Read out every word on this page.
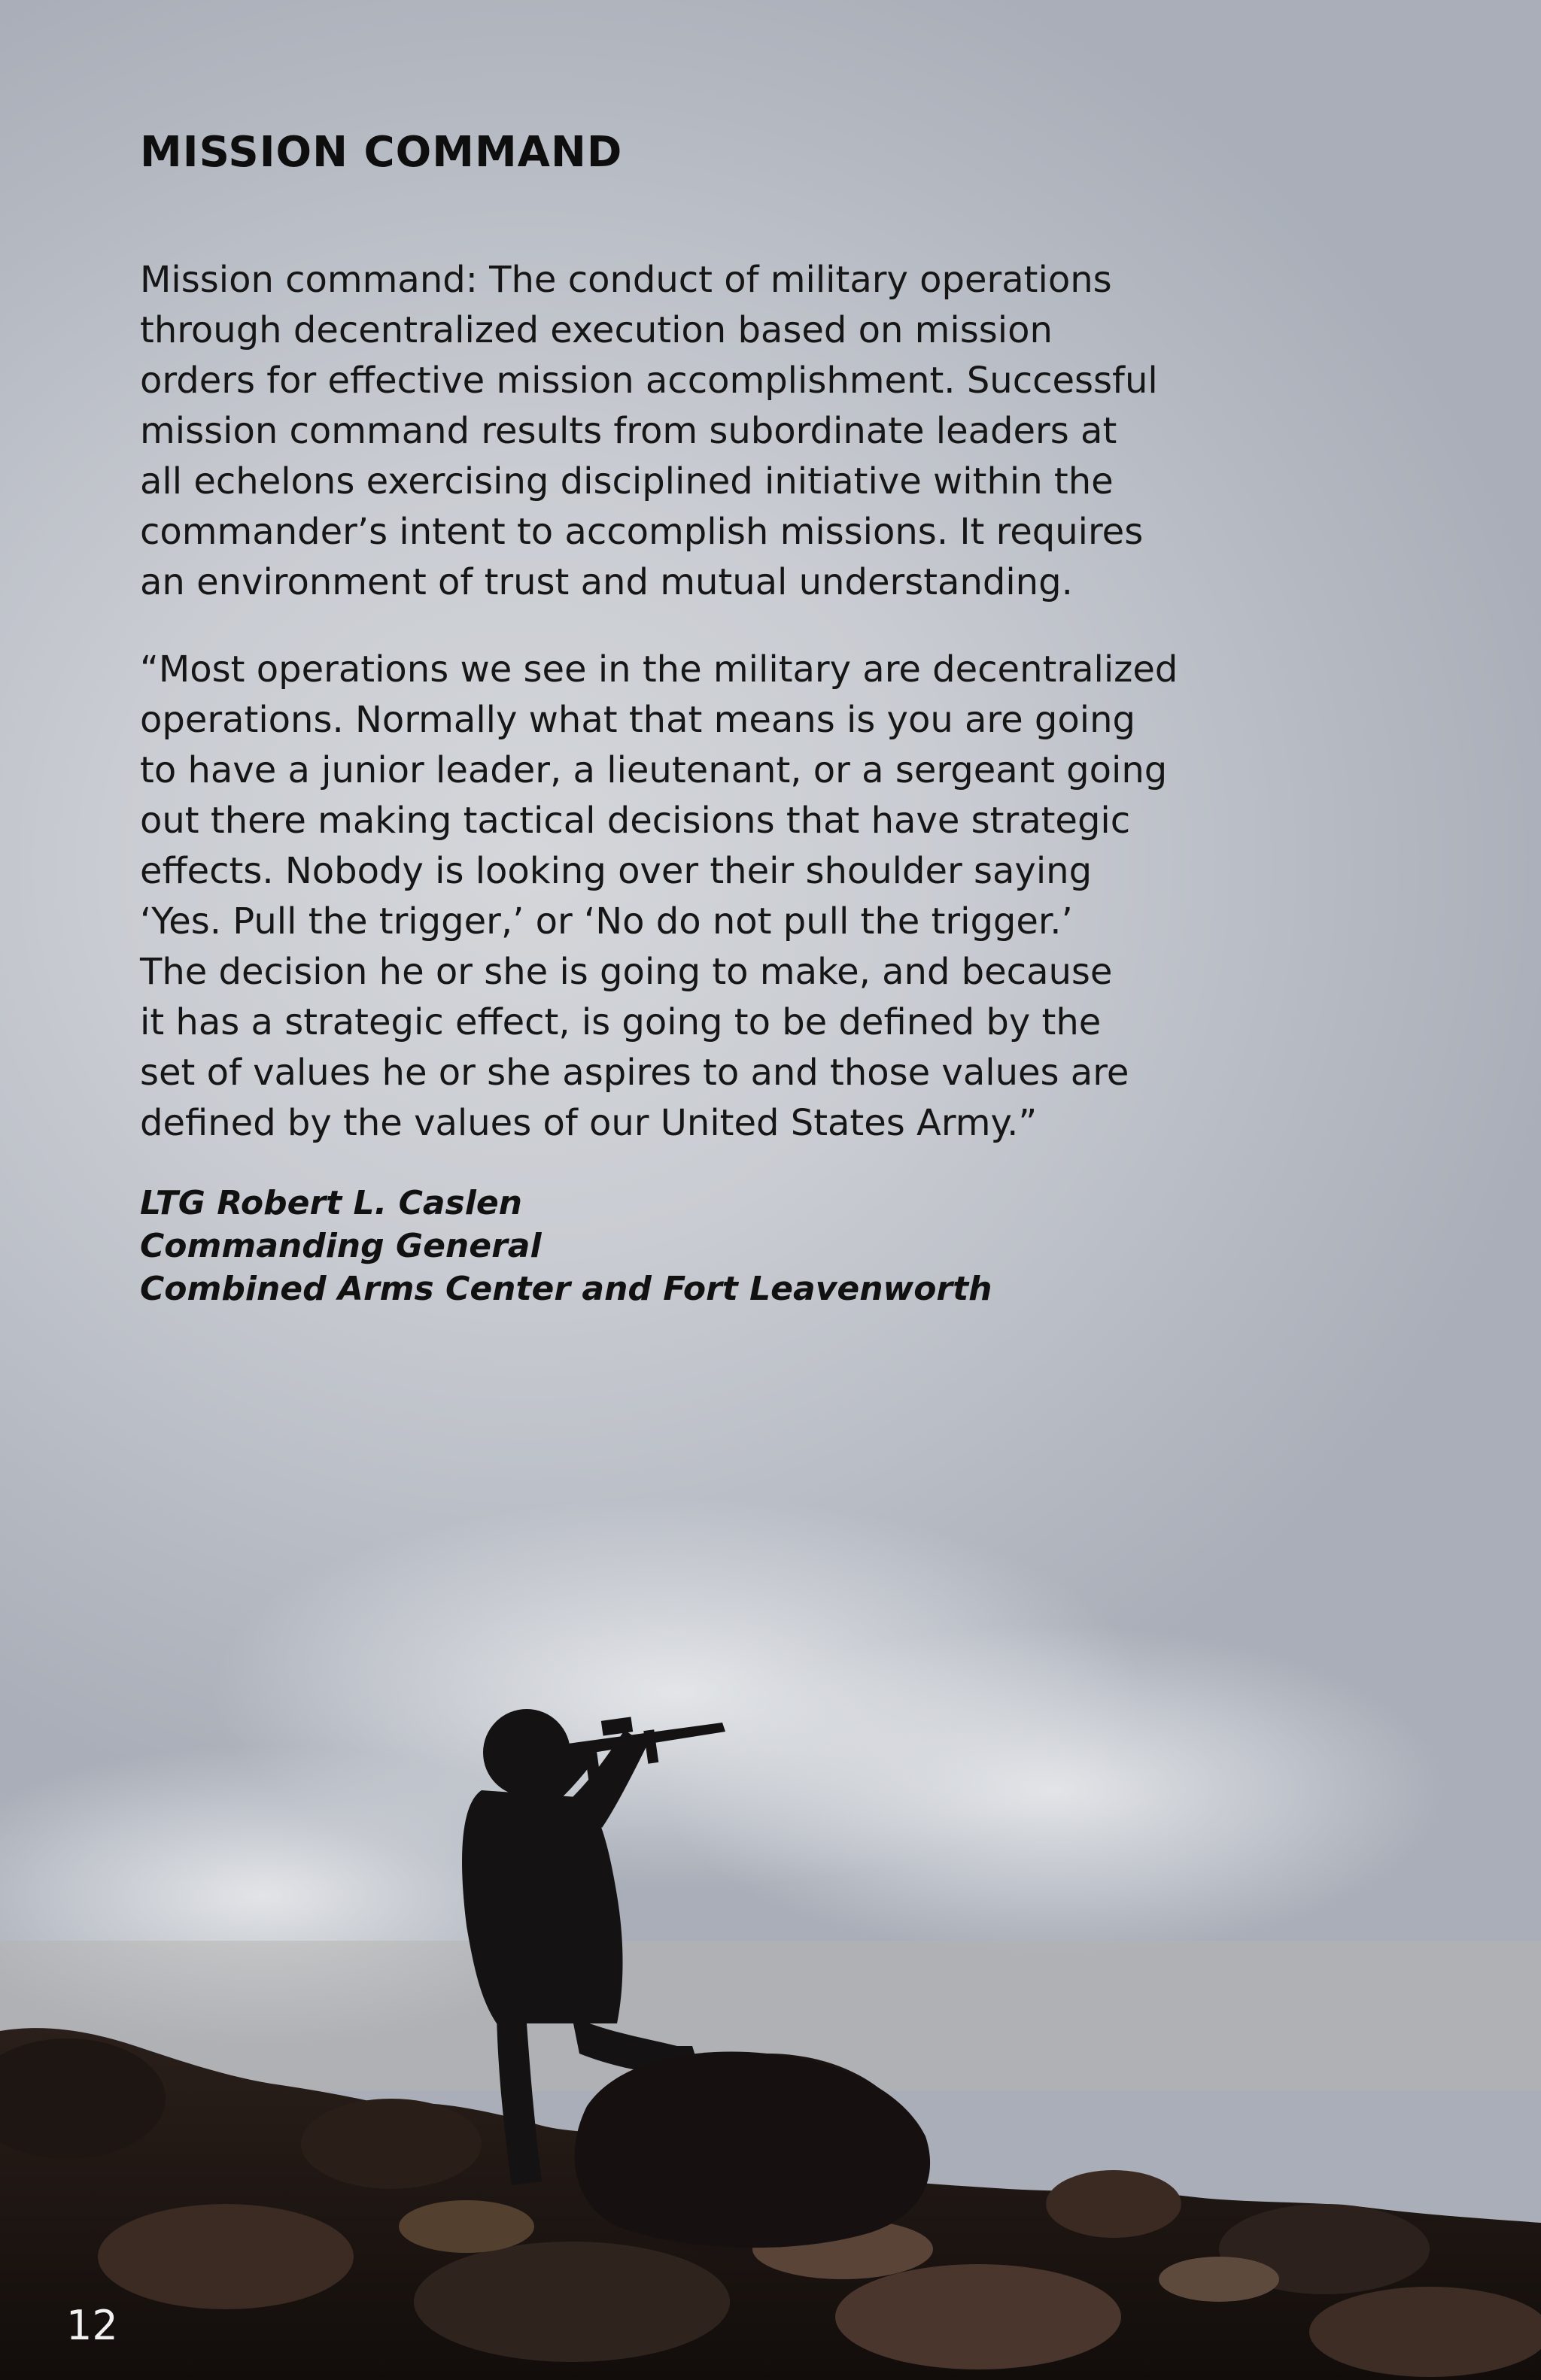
MISSION COMMAND

Mission command: The conduct of military operations
through decentralized execution based on mission
orders for effective mission accomplishment. Successful
mission command results from subordinate leaders at
all echelons exercising disciplined initiative within the
commander’s intent to accomplish missions. It requires
an environment of trust and mutual understanding.

“Most operations we see in the military are decentralized
operations. Normally what that means is you are going
to have a junior leader, a lieutenant, or a sergeant going
out there making tactical decisions that have strategic
effects. Nobody is looking over their shoulder saying
‘Yes. Pull the trigger,’ or ‘No do not pull the trigger.’
The decision he or she is going to make, and because
it has a strategic effect, is going to be defined by the
set of values he or she aspires to and those values are
defined by the values of our United States Army.”

LTG Robert L. Caslen
Commanding General
Combined Arms Center and Fort Leavenworth
12
